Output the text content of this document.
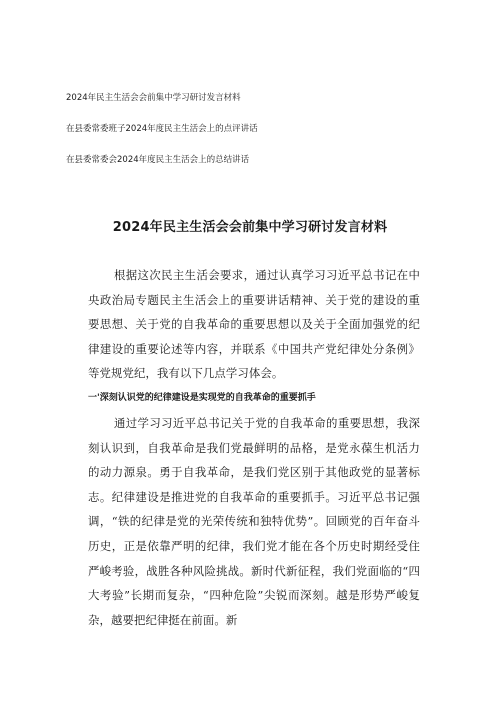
2024年民主生活会会前集中学习研讨发言材料
在县委常委班子2024年度民主生活会上的点评讲话
在县委常委会2024年度民主生活会上的总结讲话
2024年民主生活会会前集中学习研讨发言材料

根据这次民主生活会要求，通过认真学习习近平总书记在中央政治局专题民主生活会上的重要讲话精神、关于党的建设的重要思想、关于党的自我革命的重要思想以及关于全面加强党的纪律建设的重要论述等内容，并联系《中国共产党纪律处分条例》等党规党纪，我有以下几点学习体会。

一'深刻认识党的纪律建设是实现党的自我革命的重要抓手

通过学习习近平总书记关于党的自我革命的重要思想，我深刻认识到，自我革命是我们党最鲜明的品格，是党永葆生机活力的动力源泉。勇于自我革命，是我们党区别于其他政党的显著标志。纪律建设是推进党的自我革命的重要抓手。习近平总书记强调，“铁的纪律是党的光荣传统和独特优势”。回顾党的百年奋斗历史，正是依靠严明的纪律，我们党才能在各个历史时期经受住严峻考验，战胜各种风险挑战。新时代新征程，我们党面临的“四大考验”长期而复杂，“四种危险”尖锐而深刻。越是形势严峻复杂，越要把纪律挺在前面。新
